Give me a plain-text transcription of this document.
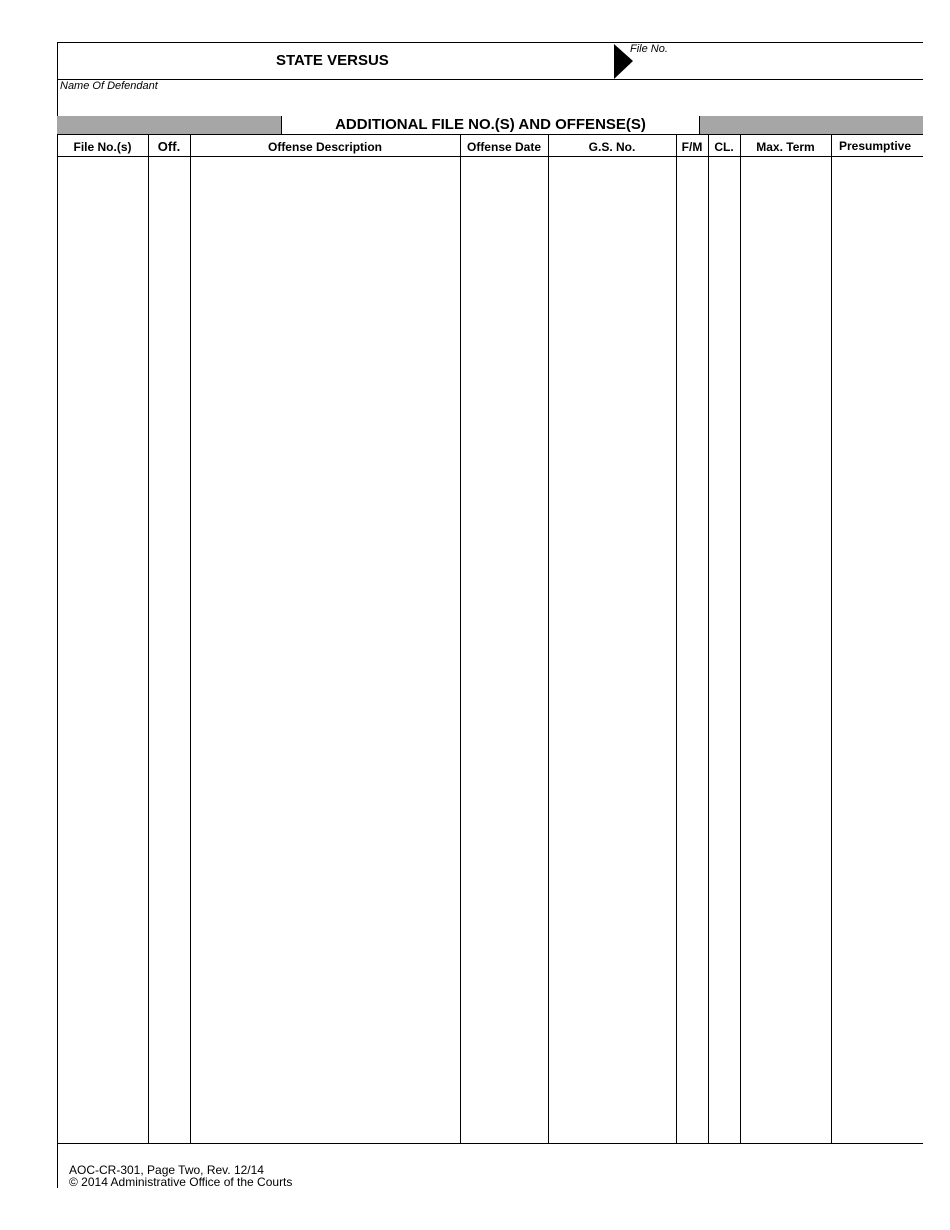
STATE VERSUS
File No.
Name Of Defendant
ADDITIONAL FILE NO.(S) AND OFFENSE(S)
File No.(s)	Off.	Offense Description	Offense Date	G.S. No.	F/M	CL.	Max. Term	Presumptive
AOC-CR-301, Page Two, Rev. 12/14
© 2014 Administrative Office of the Courts
